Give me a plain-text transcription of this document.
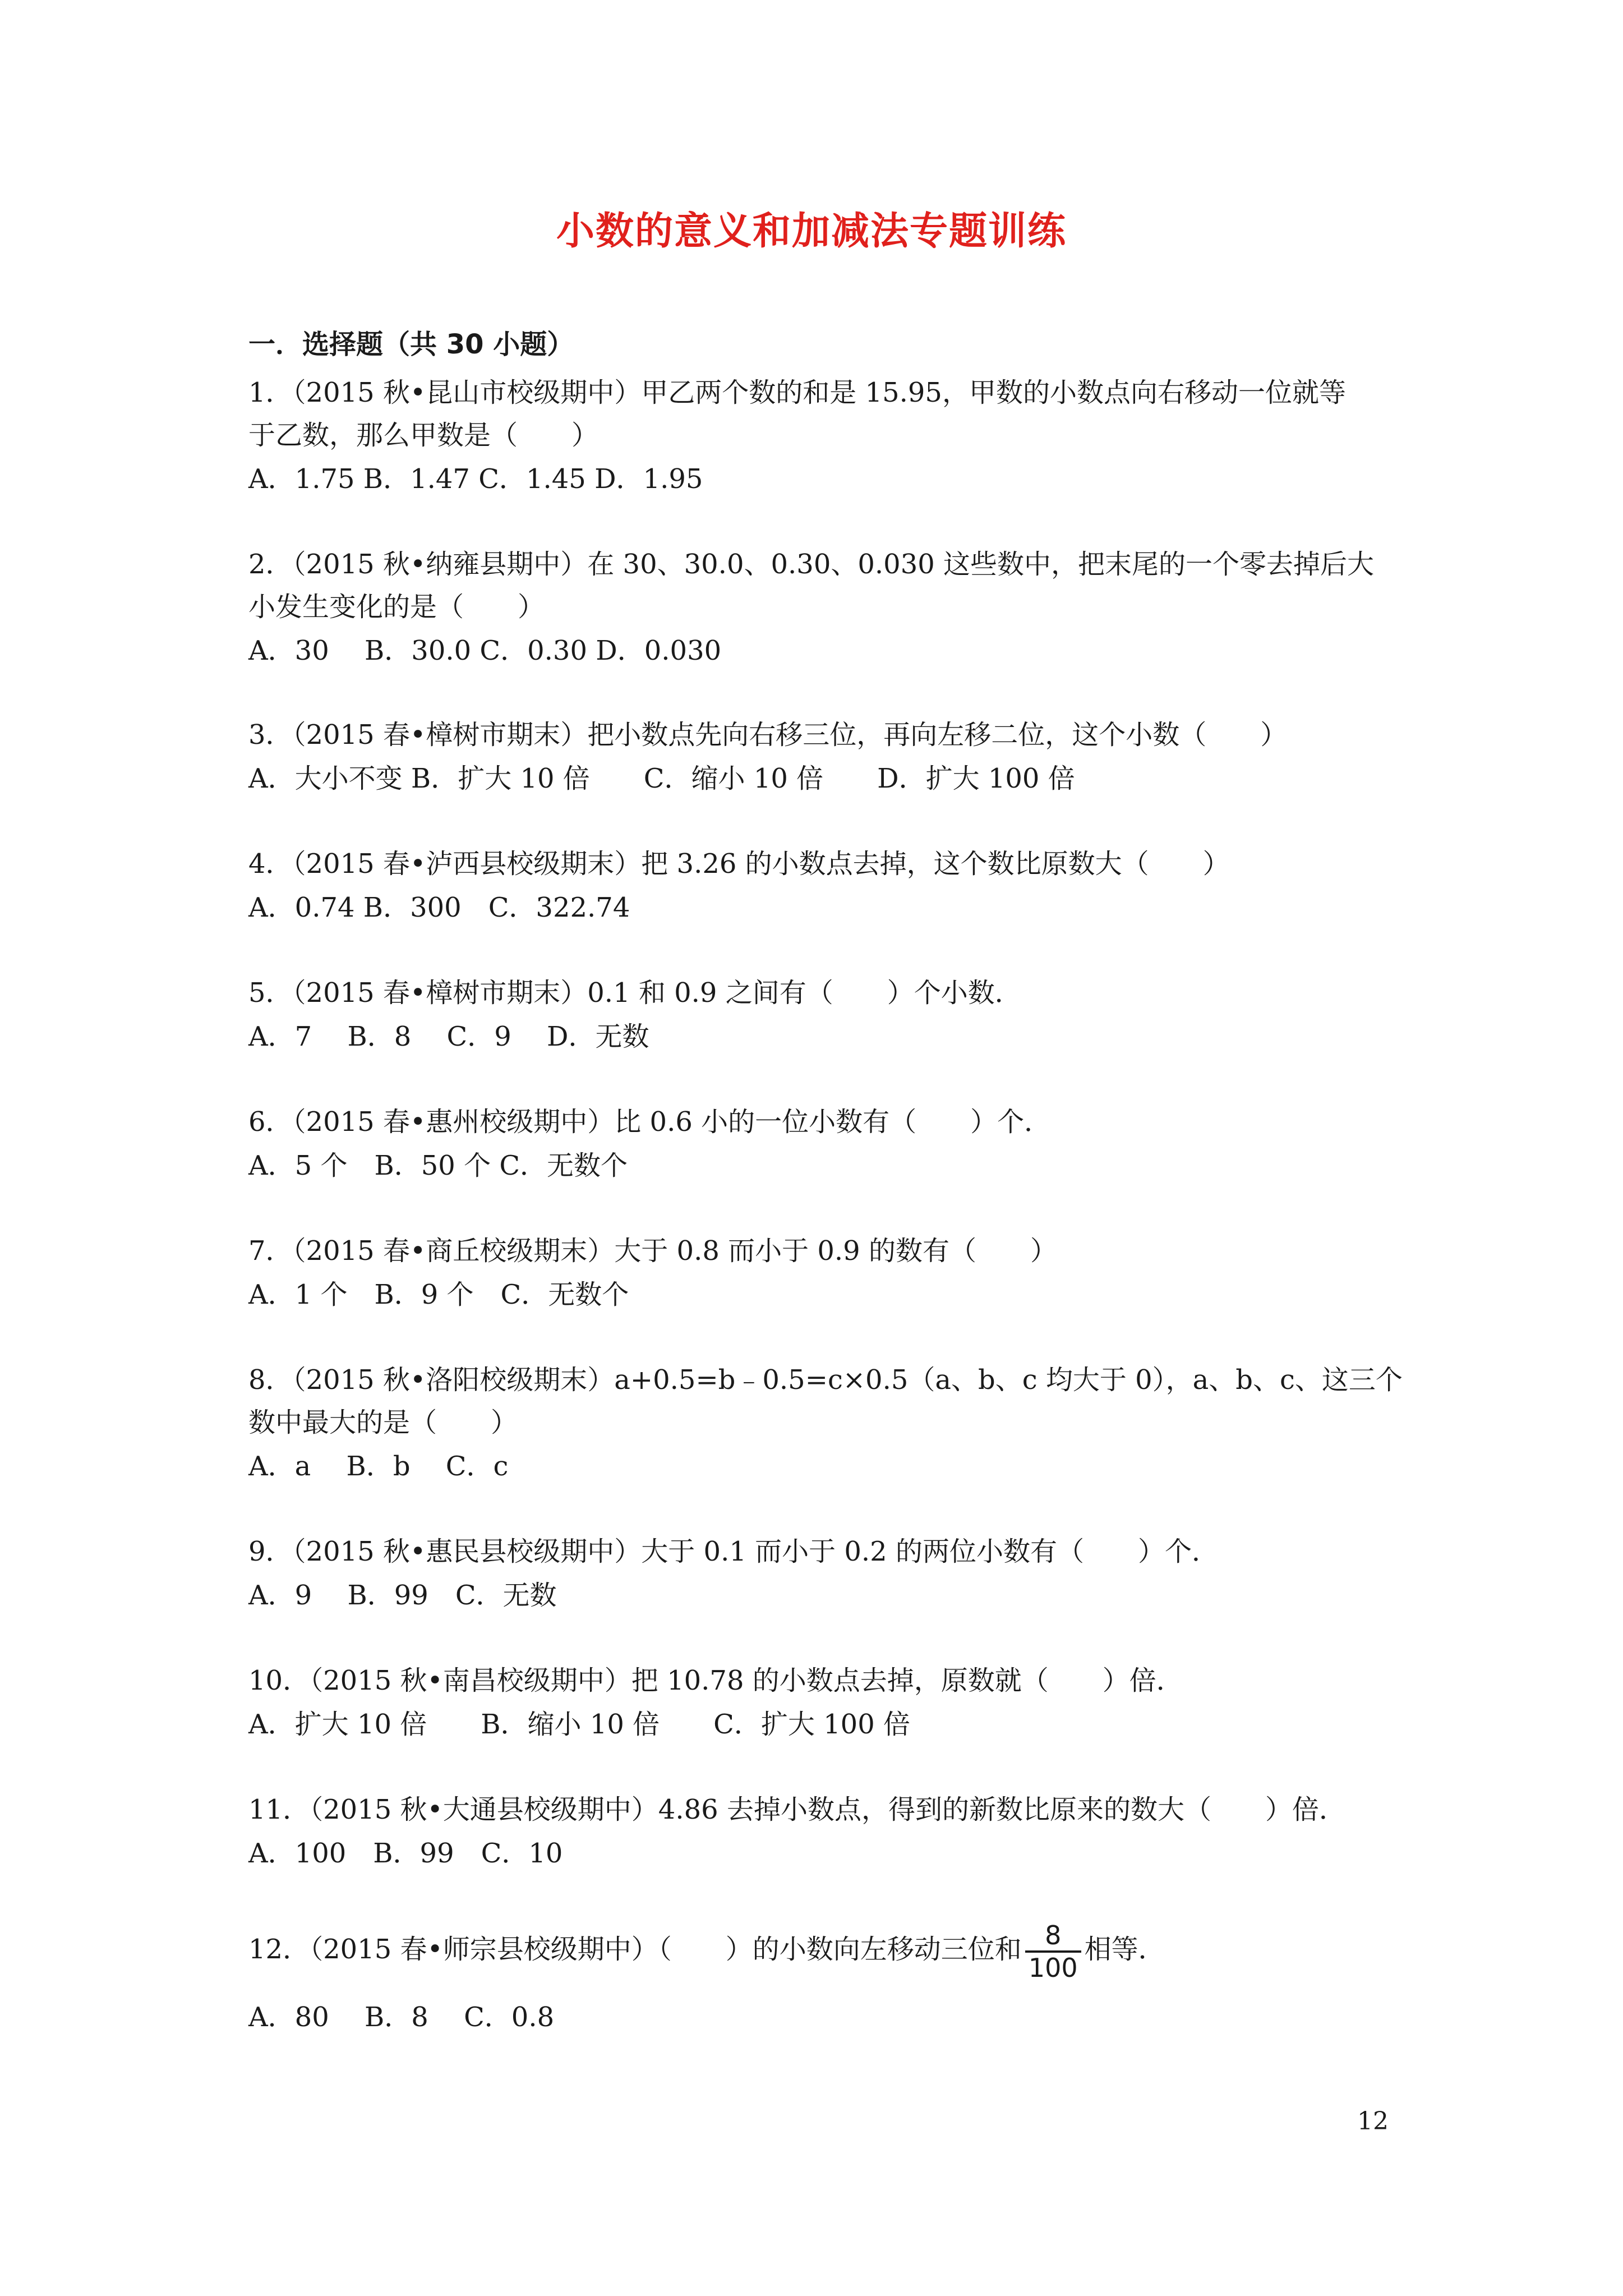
小数的意义和加减法专题训练
一．选择题（共 30 小题）
1．（2015 秋•昆山市校级期中）甲乙两个数的和是 15.95，甲数的小数点向右移动一位就等
于乙数，那么甲数是（　　）
A．1.75 B．1.47 C．1.45 D．1.95
2．（2015 秋•纳雍县期中）在 30、30.0、0.30、0.030 这些数中，把末尾的一个零去掉后大
小发生变化的是（　　）
A．30　 B．30.0 C．0.30 D．0.030
3．（2015 春•樟树市期末）把小数点先向右移三位，再向左移二位，这个小数（　　）
A．大小不变 B．扩大 10 倍　　C．缩小 10 倍　　D．扩大 100 倍
4．（2015 春•泸西县校级期末）把 3.26 的小数点去掉，这个数比原数大（　　）
A．0.74 B．300　C．322.74
5．（2015 春•樟树市期末）0.1 和 0.9 之间有（　　）个小数．
A．7　 B．8　 C．9　 D．无数
6．（2015 春•惠州校级期中）比 0.6 小的一位小数有（　　）个．
A．5 个　B．50 个 C．无数个
7．（2015 春•商丘校级期末）大于 0.8 而小于 0.9 的数有（　　）
A．1 个　B．9 个　C．无数个
8．（2015 秋•洛阳校级期末）a+0.5=b﹣0.5=c×0.5（a、b、c 均大于 0），a、b、c、这三个
数中最大的是（　　）
A．a　 B．b　 C．c
9．（2015 秋•惠民县校级期中）大于 0.1 而小于 0.2 的两位小数有（　　）个．
A．9　 B．99　C．无数
10．（2015 秋•南昌校级期中）把 10.78 的小数点去掉，原数就（　　）倍．
A．扩大 10 倍　　B．缩小 10 倍　　C．扩大 100 倍
11．（2015 秋•大通县校级期中）4.86 去掉小数点，得到的新数比原来的数大（　　）倍．
A．100　B．99　C．10
12．（2015 春•师宗县校级期中）（　　）的小数向左移动三位和 $\frac{8}{100}$ 相等．
A．80　 B．8　 C．0.8
12
